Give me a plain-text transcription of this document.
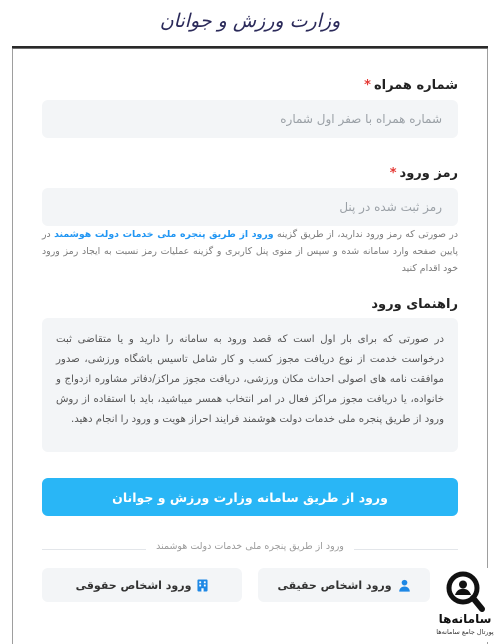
وزارت ورزش و جوانان
شماره همراه*
شماره همراه با صفر اول شماره
رمز ورود*
در صورتی که رمز ورود ندارید، از طریق گزینه ورود از طریق پنجره ملی خدمات دولت هوشمند در پایین صفحه وارد سامانه شده و سپس از منوی پنل کاربری و گزینه عملیات رمز نسبت به ایجاد رمز ورود خود اقدام کنید
راهنمای ورود
در صورتی که برای بار اول است که قصد ورود به سامانه را دارید و یا متقاضی ثبت درخواست خدمت از نوع دریافت مجوز کسب و کار شامل تاسیس باشگاه ورزشی، صدور موافقت نامه های اصولی احداث مکان ورزشی، دریافت مجوز مراکز/دفاتر مشاوره ازدواج و خانواده، یا دریافت مجوز مراکز فعال در امر انتخاب همسر میباشید، باید با استفاده از روش ورود از طریق پنجره ملی خدمات دولت هوشمند فرایند احراز هویت و ورود را انجام دهید.
ورود از طریق سامانه وزارت ورزش و جوانان
ورود از طریق پنجره ملی خدمات دولت هوشمند
ورود اشخاص حقیقی
ورود اشخاص حقوقی
سامانه‌ها
پورتال جامع سامانه‌ها
